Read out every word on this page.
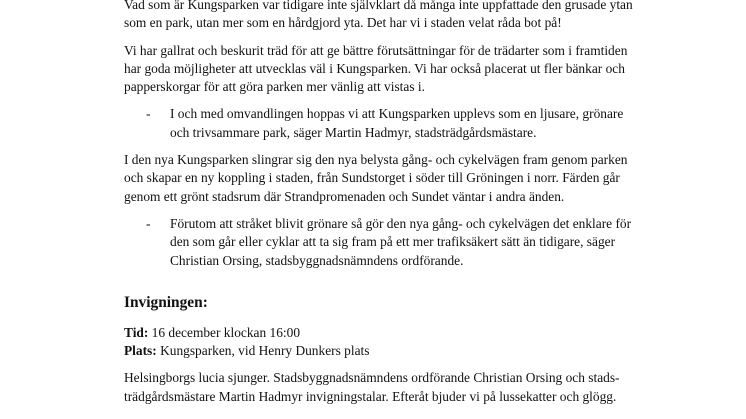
Vad som är Kungsparken var tidigare inte självklart då många inte uppfattade den grusade ytan

som en park, utan mer som en hårdgjord yta. Det har vi i staden velat råda bot på!

Vi har gallrat och beskurit träd för att ge bättre förutsättningar för de trädarter som i framtiden

har goda möjligheter att utvecklas väl i Kungsparken. Vi har också placerat ut fler bänkar och

papperskorgar för att göra parken mer vänlig att vistas i.

- I och med omvandlingen hoppas vi att Kungsparken upplevs som en ljusare, grönare

och trivsammare park, säger Martin Hadmyr, stadsträdgårdsmästare.

I den nya Kungsparken slingrar sig den nya belysta gång- och cykelvägen fram genom parken

och skapar en ny koppling i staden, från Sundstorget i söder till Gröningen i norr. Färden går

genom ett grönt stadsrum där Strandpromenaden och Sundet väntar i andra änden.

- Förutom att stråket blivit grönare så gör den nya gång- och cykelvägen det enklare för

den som går eller cyklar att ta sig fram på ett mer trafiksäkert sätt än tidigare, säger

Christian Orsing, stadsbyggnadsnämndens ordförande.

Invigningen:

Tid: 16 december klockan 16:00

Plats: Kungsparken, vid Henry Dunkers plats

Helsingborgs lucia sjunger. Stadsbyggnadsnämndens ordförande Christian Orsing och stads-

trädgårdsmästare Martin Hadmyr invigningstalar. Efteråt bjuder vi på lussekatter och glögg.
